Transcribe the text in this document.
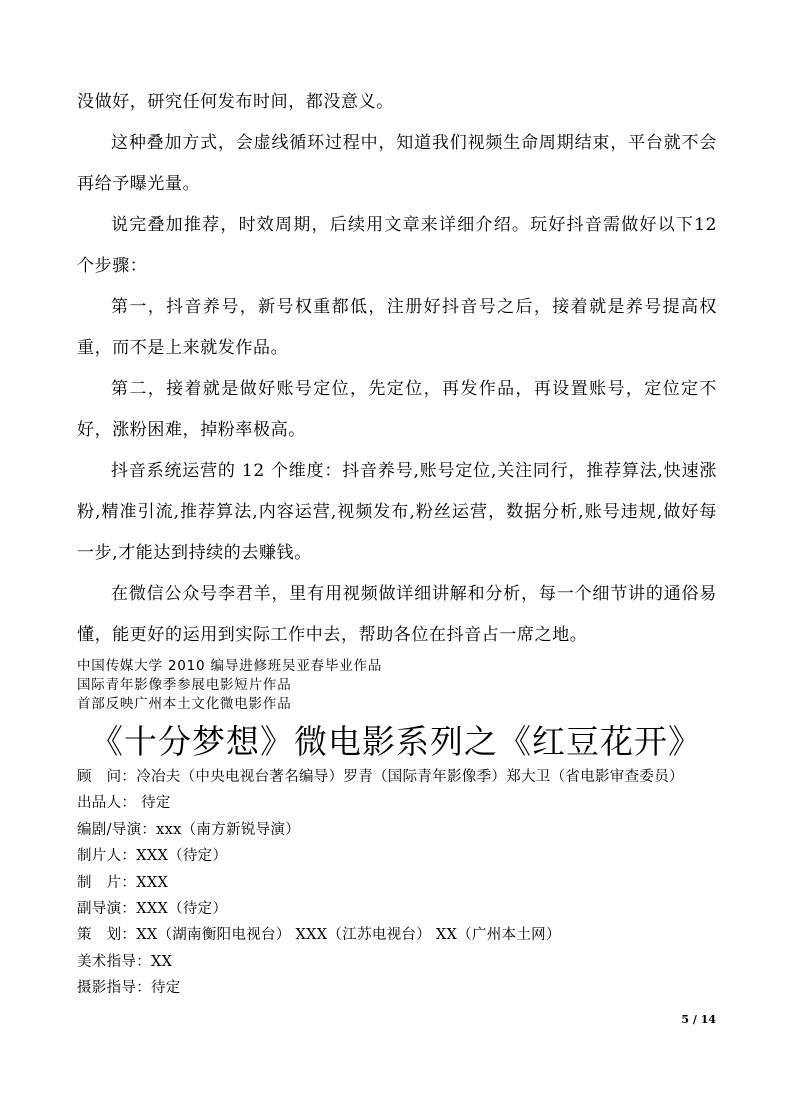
没做好，研究任何发布时间，都没意义。

这种叠加方式，会虚线循环过程中，知道我们视频生命周期结束，平台就不会再给予曝光量。

说完叠加推荐，时效周期，后续用文章来详细介绍。玩好抖音需做好以下12 个步骤：

第一，抖音养号，新号权重都低，注册好抖音号之后，接着就是养号提高权重，而不是上来就发作品。

第二，接着就是做好账号定位，先定位，再发作品，再设置账号，定位定不好，涨粉困难，掉粉率极高。

抖音系统运营的 12 个维度：抖音养号,账号定位,关注同行，推荐算法,快速涨粉,精准引流,推荐算法,内容运营,视频发布,粉丝运营，数据分析,账号违规,做好每一步,才能达到持续的去赚钱。

在微信公众号李君羊，里有用视频做详细讲解和分析，每一个细节讲的通俗易懂，能更好的运用到实际工作中去，帮助各位在抖音占一席之地。

中国传媒大学 2010 编导进修班吴亚春毕业作品
国际青年影像季参展电影短片作品
首部反映广州本土文化微电影作品
《十分梦想》微电影系列之《红豆花开》
顾　问：冷冶夫（中央电视台著名编导）罗青（国际青年影像季）郑大卫（省电影审查委员）
出品人： 待定
编剧/导演：xxx（南方新锐导演）
制片人：XXX（待定）
制　片：XXX
副导演：XXX（待定）
策　划：XX（湖南衡阳电视台） XXX（江苏电视台） XX（广州本土网）
美术指导：XX
摄影指导：待定
5 / 14
